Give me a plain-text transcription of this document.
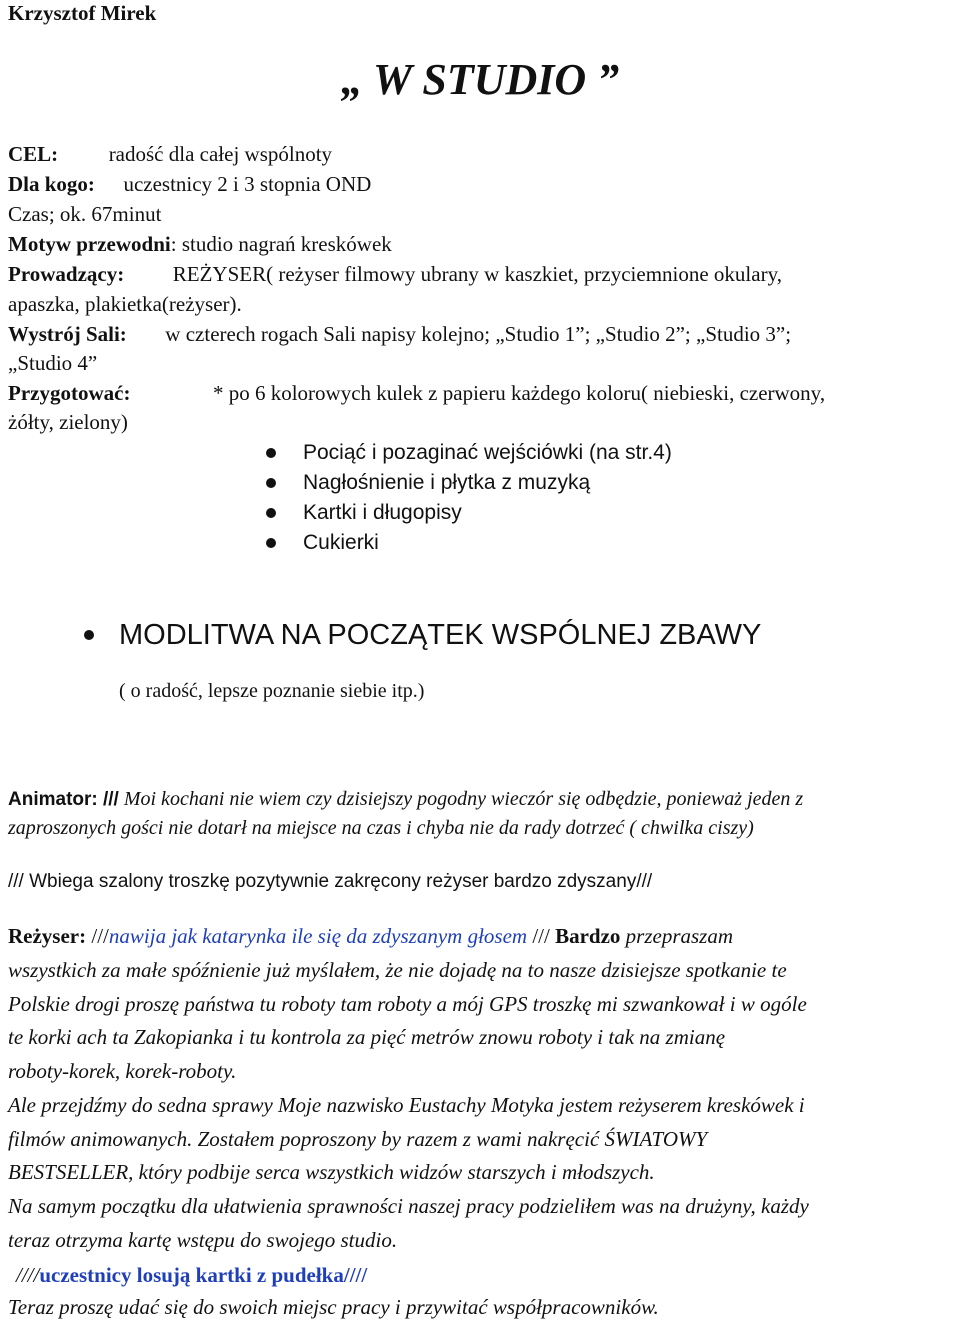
Krzysztof Mirek
„ W STUDIO ”
CEL: radość dla całej wspólnoty
Dla kogo: uczestnicy 2 i 3 stopnia OND
Czas; ok. 67minut
Motyw przewodni: studio nagrań kreskówek
Prowadzący: REŻYSER( reżyser filmowy ubrany w kaszkiet, przyciemnione okulary,
apaszka, plakietka(reżyser).
Wystrój Sali: w czterech rogach Sali napisy kolejno; „Studio 1”; „Studio 2”; „Studio 3”;
„Studio 4”
Przygotować:	* po 6 kolorowych kulek z papieru każdego koloru( niebieski, czerwony,
żółty, zielony)
Pociąć i pozaginać wejściówki (na str.4)
Nagłośnienie i płytka z muzyką
Kartki i długopisy
Cukierki
MODLITWA NA POCZĄTEK WSPÓLNEJ ZBAWY
( o radość, lepsze poznanie siebie itp.)
Animator: /// Moi kochani nie wiem czy dzisiejszy pogodny wieczór się odbędzie, ponieważ jeden z
zaproszonych gości nie dotarł na miejsce na czas i chyba nie da rady dotrzeć ( chwilka ciszy)
/// Wbiega szalony troszkę pozytywnie zakręcony reżyser bardzo zdyszany///
Reżyser: ///nawija jak katarynka ile się da zdyszanym głosem /// Bardzo przepraszam
wszystkich za małe spóźnienie już myślałem, że nie dojadę na to nasze dzisiejsze spotkanie te
Polskie drogi proszę państwa tu roboty tam roboty a mój GPS troszkę mi szwankował i w ogóle
te korki ach ta Zakopianka i tu kontrola za pięć metrów znowu roboty i tak na zmianę
roboty-korek, korek-roboty.
Ale przejdźmy do sedna sprawy Moje nazwisko Eustachy Motyka jestem reżyserem kreskówek i
filmów animowanych. Zostałem poproszony by razem z wami nakręcić ŚWIATOWY
BESTSELLER, który podbije serca wszystkich widzów starszych i młodszych.
Na samym początku dla ułatwienia sprawności naszej pracy podzieliłem was na drużyny, każdy
teraz otrzyma kartę wstępu do swojego studio.
////uczestnicy losują kartki z pudełka////
Teraz proszę udać się do swoich miejsc pracy i przywitać współpracowników.
